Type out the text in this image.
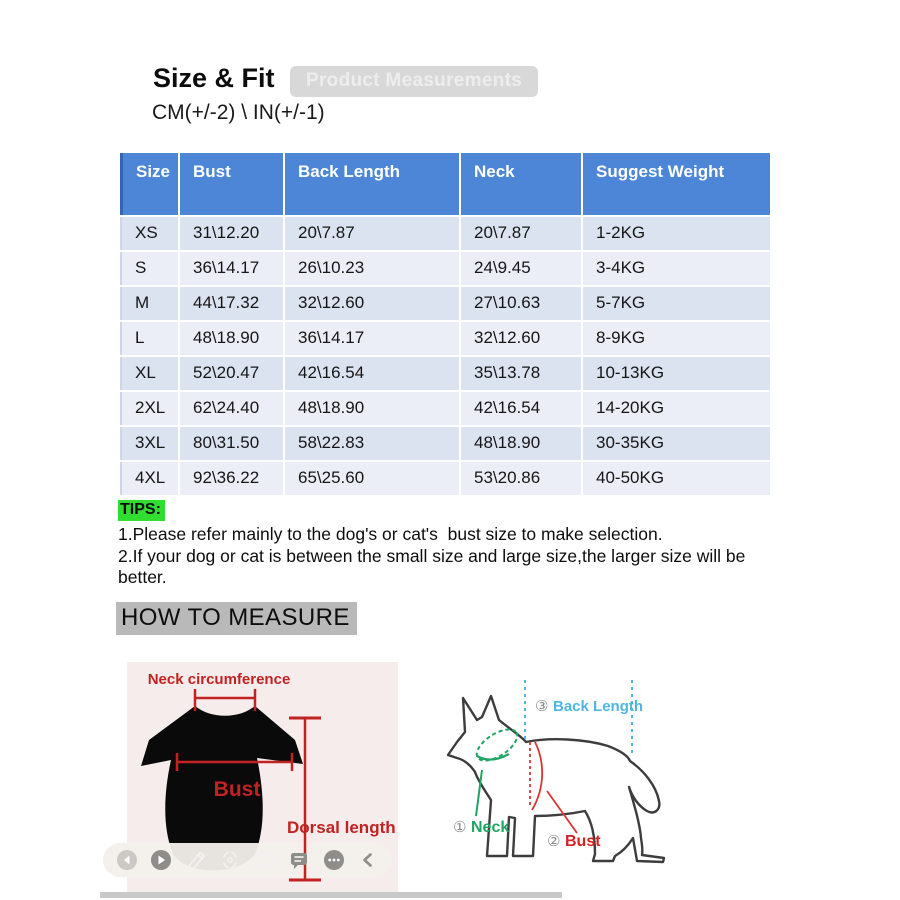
Size & Fit	Product Measurements
CM(+/-2) \ IN(+/-1)
Size	Bust	Back Length	Neck	Suggest Weight
XS	31\12.20	20\7.87	20\7.87	1-2KG
S	36\14.17	26\10.23	24\9.45	3-4KG
M	44\17.32	32\12.60	27\10.63	5-7KG
L	48\18.90	36\14.17	32\12.60	8-9KG
XL	52\20.47	42\16.54	35\13.78	10-13KG
2XL	62\24.40	48\18.90	42\16.54	14-20KG
3XL	80\31.50	58\22.83	48\18.90	30-35KG
4XL	92\36.22	65\25.60	53\20.86	40-50KG
TIPS:
1.Please refer mainly to the dog's or cat's  bust size to make selection.
2.If your dog or cat is between the small size and large size,the larger size will be better.
HOW TO MEASURE
Neck circumference
Bust
Dorsal length
③ Back Length
① Neck
② Bust
